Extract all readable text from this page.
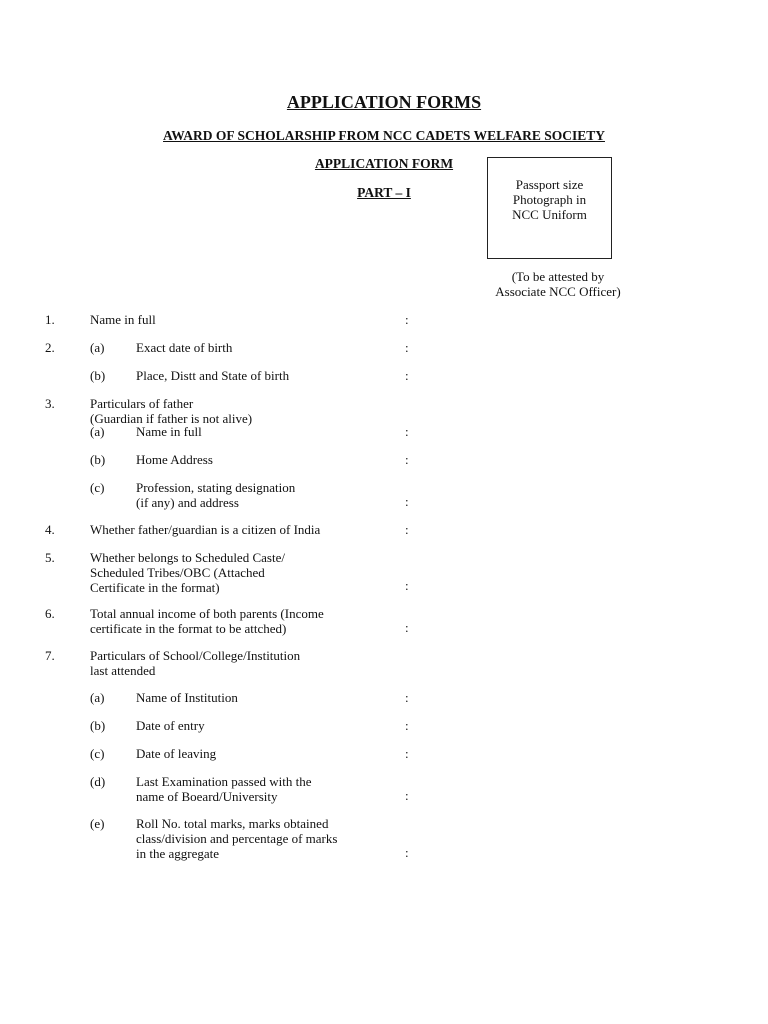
APPLICATION FORMS
AWARD OF SCHOLARSHIP FROM NCC CADETS WELFARE SOCIETY
APPLICATION FORM
PART – I
Passport size
Photograph in
NCC Uniform
(To be attested by
Associate NCC Officer)
1.	Name in full	:
2.	(a) Exact date of birth	:
(b) Place, Distt and State of birth	:
3.	Particulars of father
(Guardian if father is not alive)
(a) Name in full	:
(b) Home Address	:
(c) Profession, stating designation
(if any) and address	:
4.	Whether father/guardian is a citizen of India	:
5.	Whether belongs to Scheduled Caste/
Scheduled Tribes/OBC (Attached
Certificate in the format)	:
6.	Total annual income of both parents (Income
certificate in the format to be attched)	:
7.	Particulars of School/College/Institution
last attended
(a) Name of Institution	:
(b) Date of entry	:
(c) Date of leaving	:
(d) Last Examination passed with the
name of Boeard/University	:
(e) Roll No. total marks, marks obtained
class/division and percentage of marks
in the aggregate	:
